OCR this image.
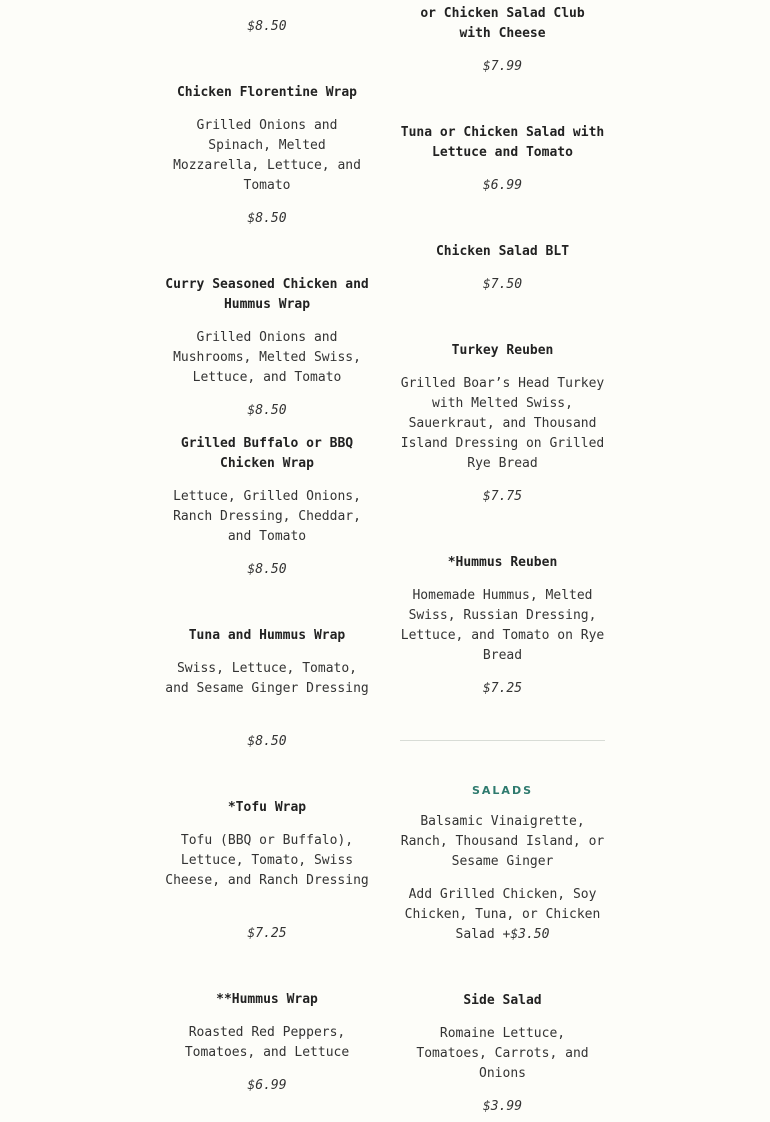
$8.50
Chicken Florentine Wrap
Grilled Onions and Spinach, Melted Mozzarella, Lettuce, and Tomato
$8.50
Curry Seasoned Chicken and Hummus Wrap
Grilled Onions and Mushrooms, Melted Swiss, Lettuce, and Tomato
$8.50
Grilled Buffalo or BBQ Chicken Wrap
Lettuce, Grilled Onions, Ranch Dressing, Cheddar, and Tomato
$8.50
Tuna and Hummus Wrap
Swiss, Lettuce, Tomato, and Sesame Ginger Dressing
$8.50
*Tofu Wrap
Tofu (BBQ or Buffalo), Lettuce, Tomato, Swiss Cheese, and Ranch Dressing
$7.25
**Hummus Wrap
Roasted Red Peppers, Tomatoes, and Lettuce
$6.99
or Chicken Salad Club with Cheese
$7.99
Tuna or Chicken Salad with Lettuce and Tomato
$6.99
Chicken Salad BLT
$7.50
Turkey Reuben
Grilled Boar’s Head Turkey with Melted Swiss, Sauerkraut, and Thousand Island Dressing on Grilled Rye Bread
$7.75
*Hummus Reuben
Homemade Hummus, Melted Swiss, Russian Dressing, Lettuce, and Tomato on Rye Bread
$7.25
SALADS
Balsamic Vinaigrette, Ranch, Thousand Island, or Sesame Ginger
Add Grilled Chicken, Soy Chicken, Tuna, or Chicken Salad +$3.50
Side Salad
Romaine Lettuce, Tomatoes, Carrots, and Onions
$3.99
